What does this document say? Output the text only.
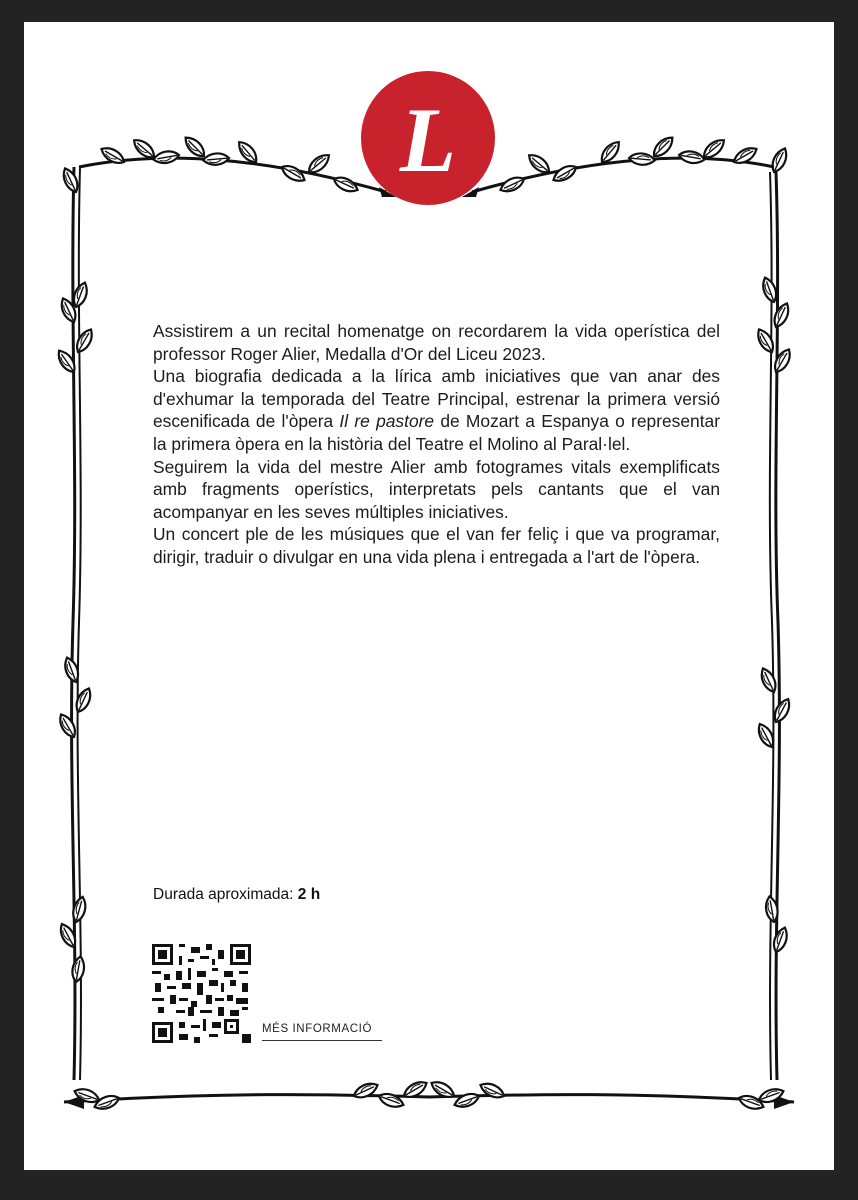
L

Assistirem a un recital homenatge on recordarem la vida operística del professor Roger Alier, Medalla d'Or del Liceu 2023.

Una biografia dedicada a la lírica amb iniciatives que van anar des d'exhumar la temporada del Teatre Principal, estrenar la primera versió escenificada de l'òpera Il re pastore de Mozart a Espanya o representar la primera òpera en la història del Teatre el Molino al Paral·lel.

Seguirem la vida del mestre Alier amb fotogrames vitals exemplificats amb fragments operístics, interpretats pels cantants que el van acompanyar en les seves múltiples iniciatives.

Un concert ple de les músiques que el van fer feliç i que va programar, dirigir, traduir o divulgar en una vida plena i entregada a l'art de l'òpera.

Durada aproximada: 2 h
MÉS INFORMACIÓ
